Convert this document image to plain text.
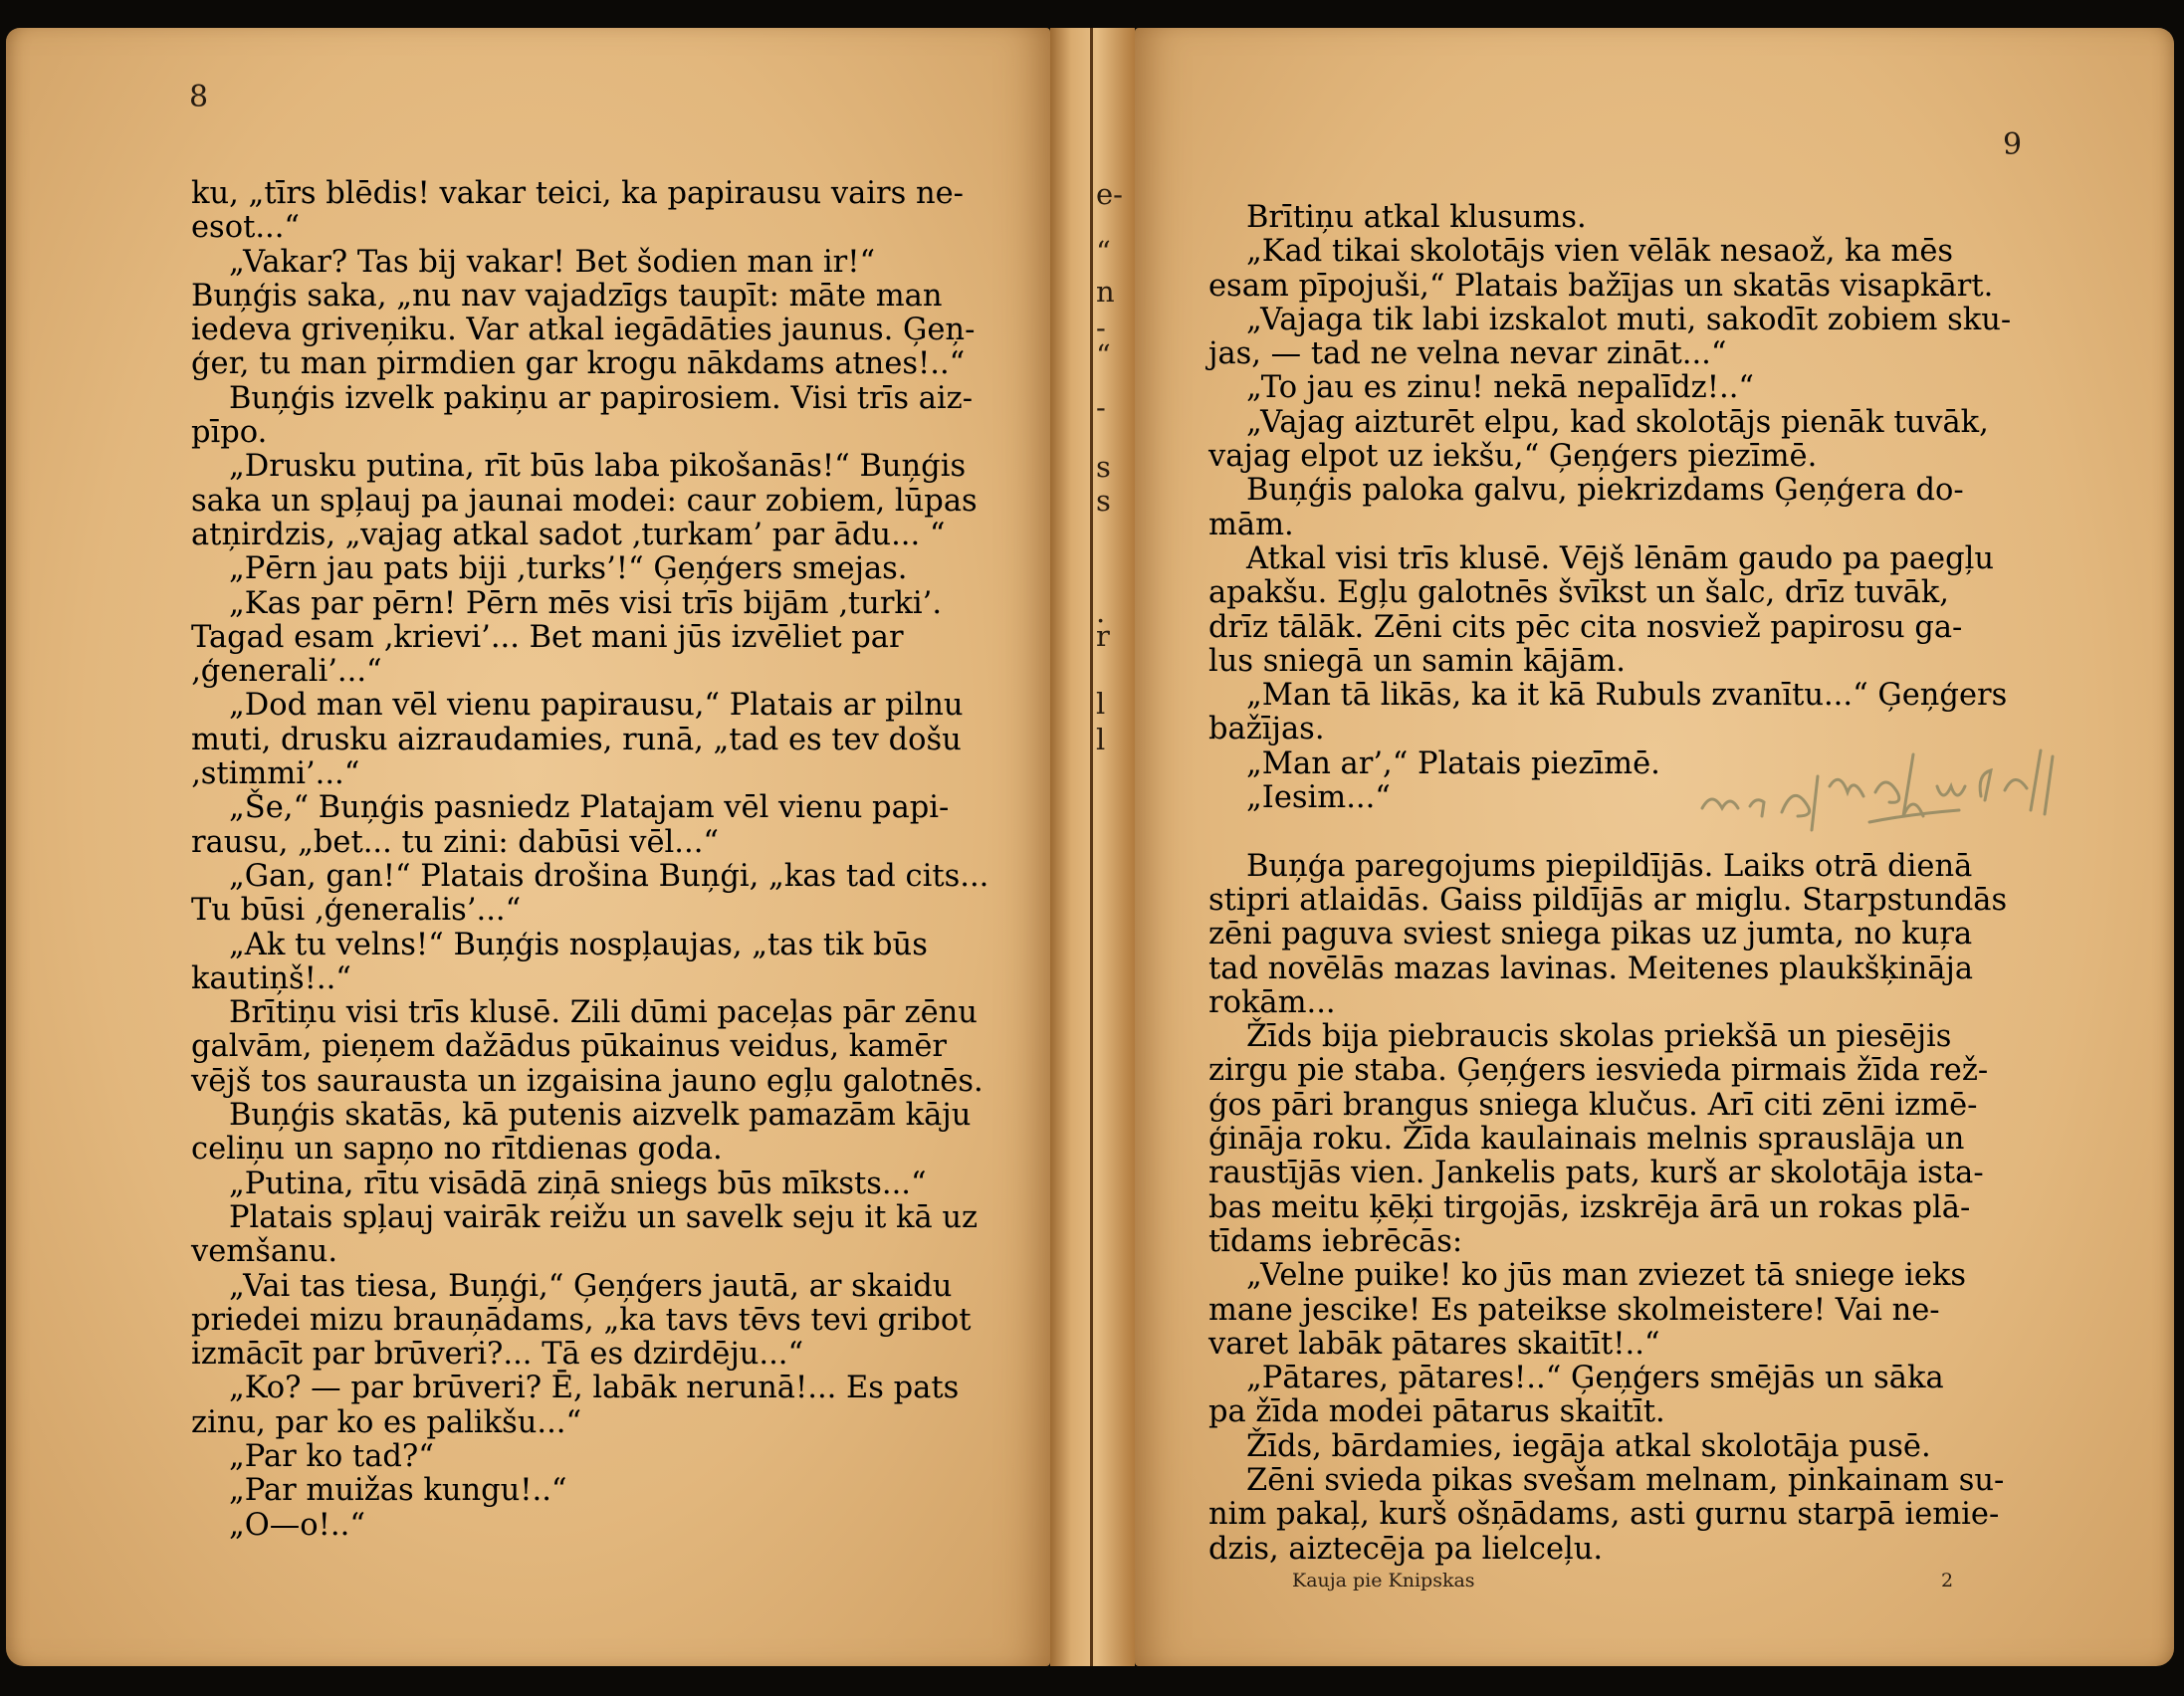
e-
“
n
-
“
-
s
s
.
r
l
l
8
9
ku, „tīrs blēdis! vakar teici, ka papirausu vairs ne-
esot...“
„Vakar? Tas bij vakar! Bet šodien man ir!“
Buņģis saka, „nu nav vajadzīgs taupīt: māte man
iedeva griveņiku. Var atkal iegādāties jaunus. Ģeņ-
ģer, tu man pirmdien gar krogu nākdams atnes!..“
Buņģis izvelk pakiņu ar papirosiem. Visi trīs aiz-
pīpo.
„Drusku putina, rīt būs laba pikošanās!“ Buņģis
saka un spļauj pa jaunai modei: caur zobiem, lūpas
atņirdzis, „vajag atkal sadot ‚turkam’ par ādu... “
„Pērn jau pats biji ‚turks’!“ Ģeņģers smejas.
„Kas par pērn! Pērn mēs visi trīs bijām ‚turki’.
Tagad esam ‚krievi’... Bet mani jūs izvēliet par
‚ģenerali’...“
„Dod man vēl vienu papirausu,“ Platais ar pilnu
muti, drusku aizraudamies, runā, „tad es tev došu
‚stimmi’...“
„Še,“ Buņģis pasniedz Platajam vēl vienu papi-
rausu, „bet... tu zini: dabūsi vēl...“
„Gan, gan!“ Platais drošina Buņģi, „kas tad cits...
Tu būsi ‚ģeneralis’...“
„Ak tu velns!“ Buņģis nospļaujas, „tas tik būs
kautiņš!..“
Brītiņu visi trīs klusē. Zili dūmi paceļas pār zēnu
galvām, pieņem dažādus pūkainus veidus, kamēr
vējš tos saurausta un izgaisina jauno egļu galotnēs.
Buņģis skatās, kā putenis aizvelk pamazām kāju
celiņu un sapņo no rītdienas goda.
„Putina, rītu visādā ziņā sniegs būs mīksts...“
Platais spļauj vairāk reižu un savelk seju it kā uz
vemšanu.
„Vai tas tiesa, Buņģi,“ Ģeņģers jautā, ar skaidu
priedei mizu brauņādams, „ka tavs tēvs tevi gribot
izmācīt par brūveri?... Tā es dzirdēju...“
„Ko? — par brūveri? Ē, labāk nerunā!... Es pats
zinu, par ko es palikšu...“
„Par ko tad?“
„Par muižas kungu!..“
„O—o!..“
Brītiņu atkal klusums.
„Kad tikai skolotājs vien vēlāk nesaož, ka mēs
esam pīpojuši,“ Platais bažījas un skatās visapkārt.
„Vajaga tik labi izskalot muti, sakodīt zobiem sku-
jas, — tad ne velna nevar zināt...“
„To jau es zinu! nekā nepalīdz!..“
„Vajag aizturēt elpu, kad skolotājs pienāk tuvāk,
vajag elpot uz iekšu,“ Ģeņģers piezīmē.
Buņģis paloka galvu, piekrizdams Ģeņģera do-
mām.
Atkal visi trīs klusē. Vējš lēnām gaudo pa paegļu
apakšu. Egļu galotnēs švīkst un šalc, drīz tuvāk,
drīz tālāk. Zēni cits pēc cita nosviež papirosu ga-
lus sniegā un samin kājām.
„Man tā likās, ka it kā Rubuls zvanītu...“ Ģeņģers
bažījas.
„Man ar’,“ Platais piezīmē.
„Iesim...“
Buņģa paregojums piepildījās. Laiks otrā dienā
stipri atlaidās. Gaiss pildījās ar miglu. Starpstundās
zēni paguva sviest sniega pikas uz jumta, no kuŗa
tad novēlās mazas lavinas. Meitenes plaukšķināja
rokām...
Žīds bija piebraucis skolas priekšā un piesējis
zirgu pie staba. Ģeņģers iesvieda pirmais žīda rež-
ģos pāri brangus sniega klučus. Arī citi zēni izmē-
ģināja roku. Žīda kaulainais melnis sprauslāja un
raustījās vien. Jankelis pats, kurš ar skolotāja ista-
bas meitu ķēķi tirgojās, izskrēja ārā un rokas plā-
tīdams iebrēcās:
„Velne puike! ko jūs man zviezet tā sniege ieks
mane jescike! Es pateikse skolmeistere! Vai ne-
varet labāk pātares skaitīt!..“
„Pātares, pātares!..“ Ģeņģers smējās un sāka
pa žīda modei pātarus skaitīt.
Žīds, bārdamies, iegāja atkal skolotāja pusē.
Zēni svieda pikas svešam melnam, pinkainam su-
nim pakaļ, kurš ošņādams, asti gurnu starpā iemie-
dzis, aiztecēja pa lielceļu.
Kauja pie Knipskas	2
